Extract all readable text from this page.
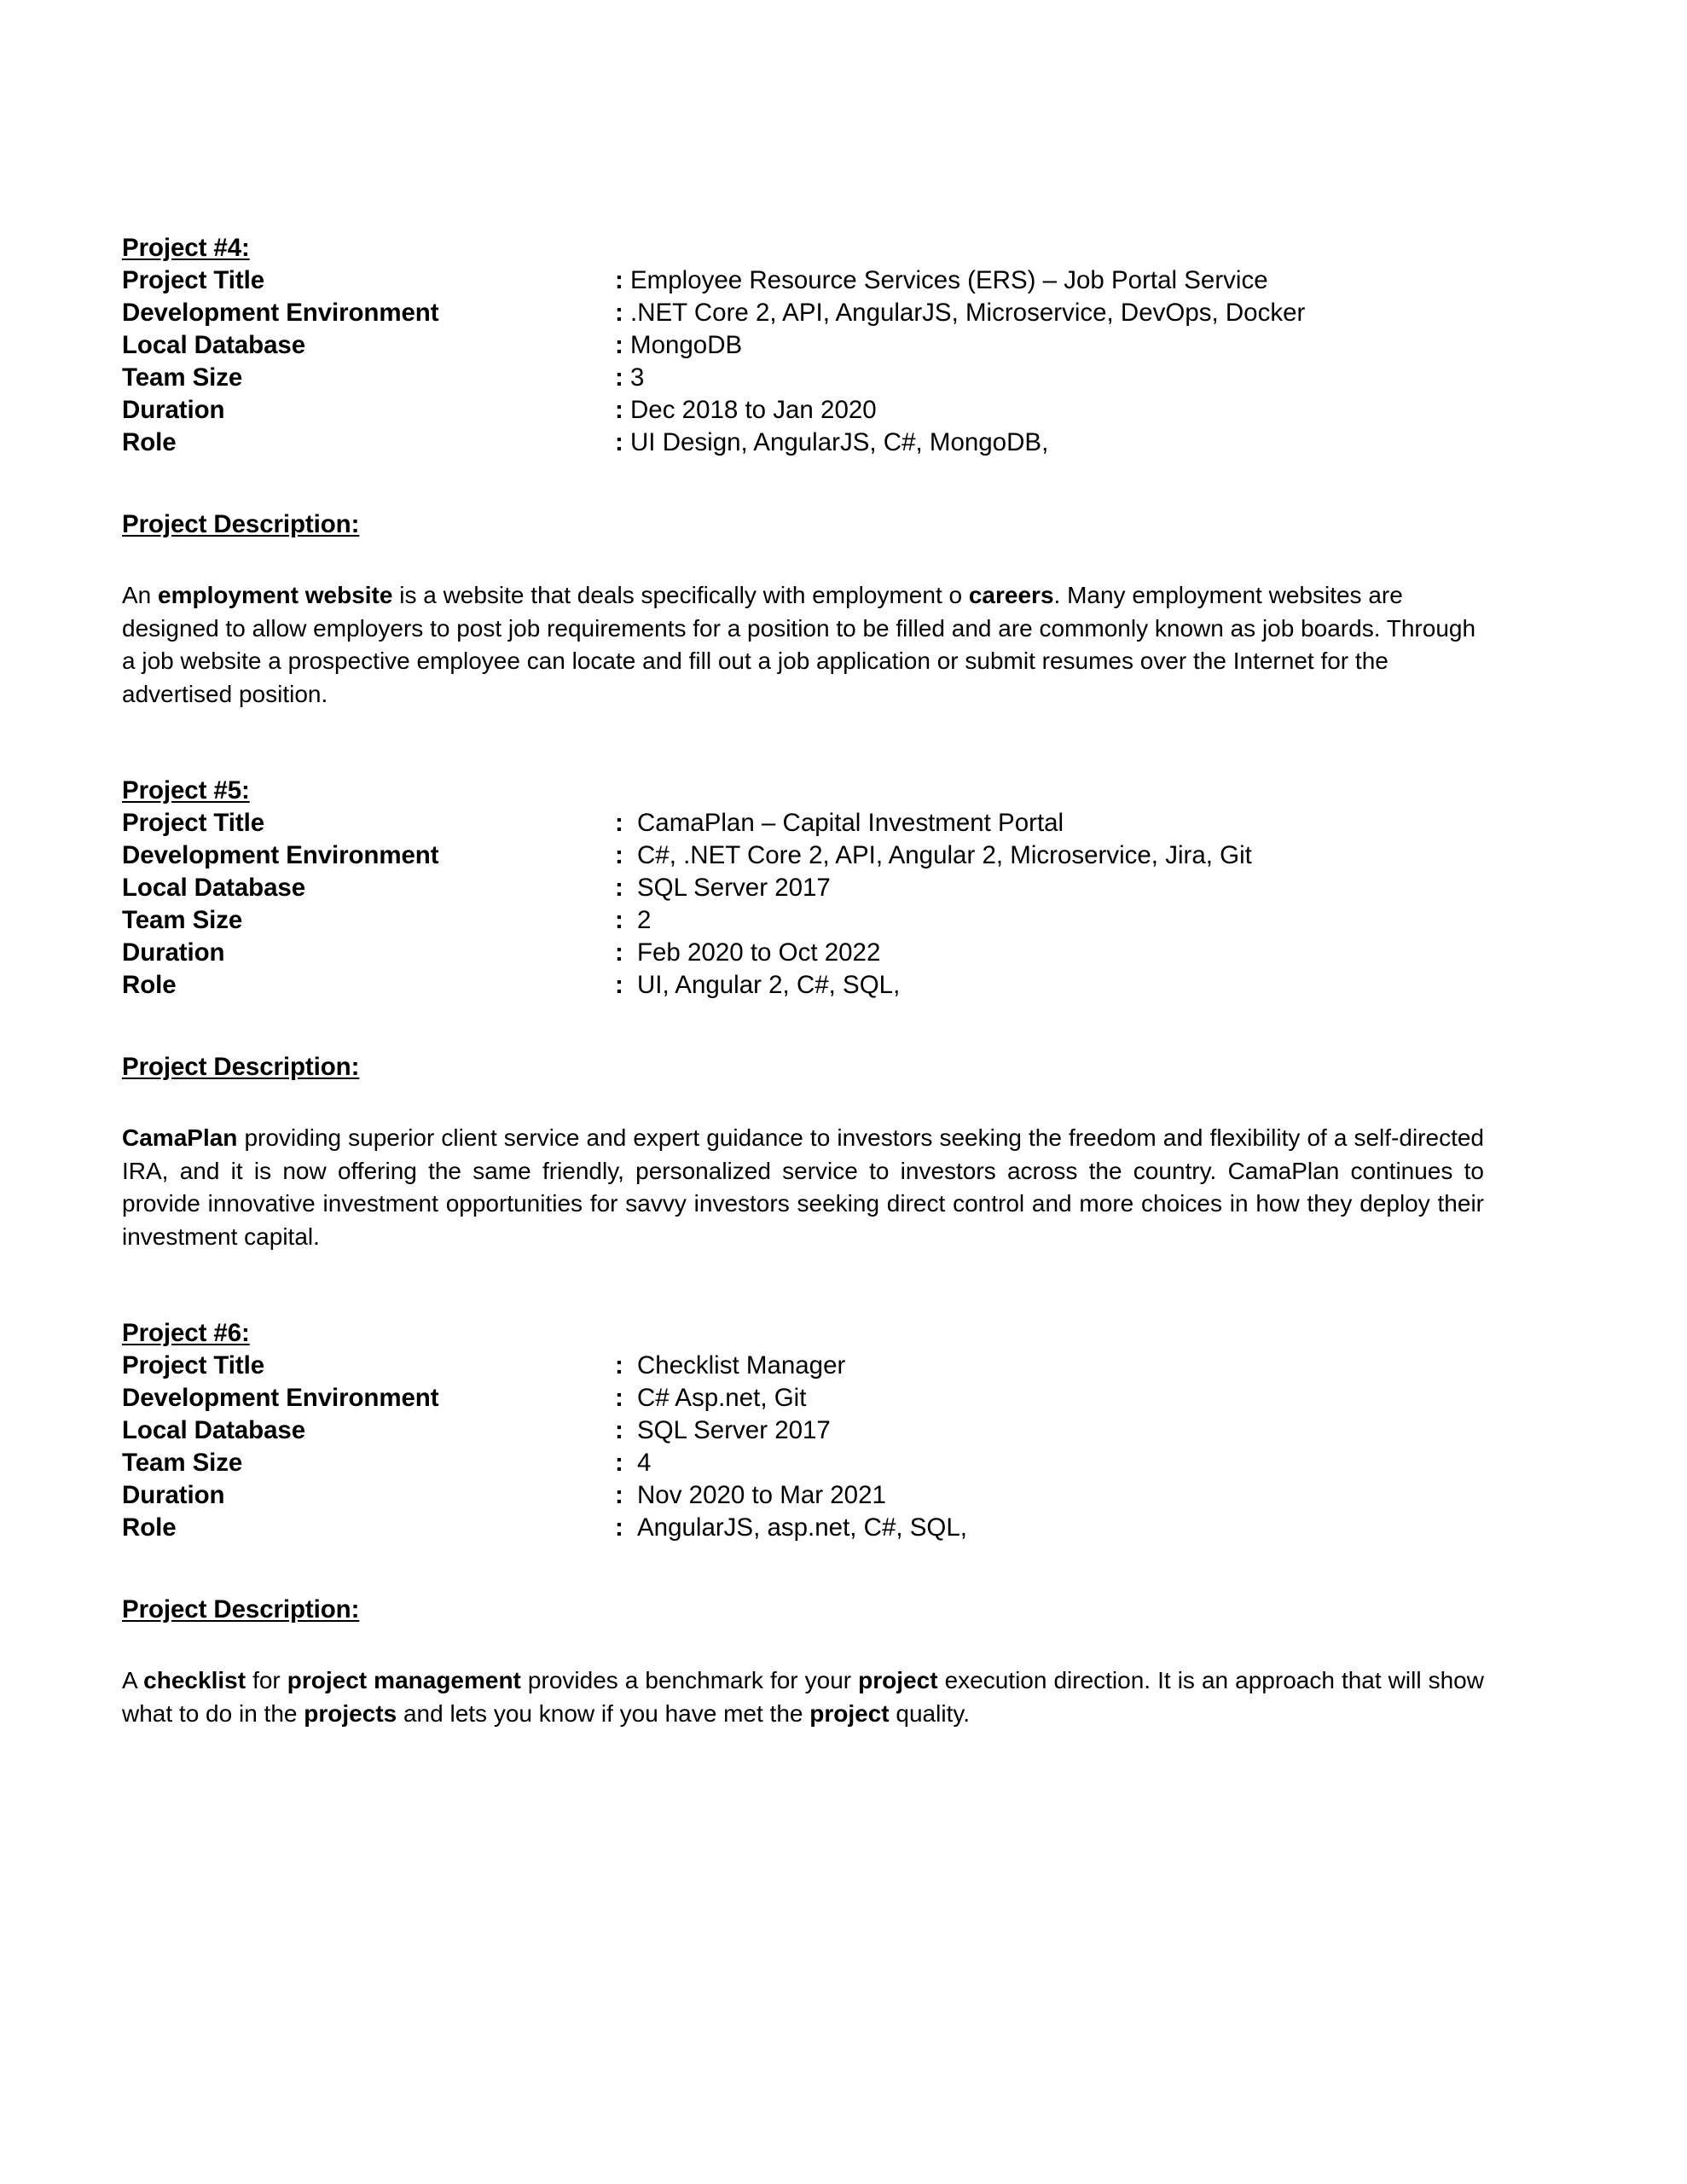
Project #4:
Project Title	:	Employee Resource Services (ERS) – Job Portal Service
Development Environment	:	.NET Core 2, API, AngularJS, Microservice, DevOps, Docker
Local Database	:	MongoDB
Team Size	:	3
Duration	:	Dec 2018 to Jan 2020
Role	:	UI Design, AngularJS, C#, MongoDB,
Project Description:

An employment website is a website that deals specifically with employment o careers. Many employment websites are designed to allow employers to post job requirements for a position to be filled and are commonly known as job boards. Through a job website a prospective employee can locate and fill out a job application or submit resumes over the Internet for the advertised position.

Project #5:
Project Title	:	CamaPlan – Capital Investment Portal
Development Environment	:	C#, .NET Core 2, API, Angular 2, Microservice, Jira, Git
Local Database	:	SQL Server 2017
Team Size	:	2
Duration	:	Feb 2020 to Oct 2022
Role	:	UI, Angular 2, C#, SQL,
Project Description:

CamaPlan providing superior client service and expert guidance to investors seeking the freedom and flexibility of a self-directed IRA, and it is now offering the same friendly, personalized service to investors across the country. CamaPlan continues to provide innovative investment opportunities for savvy investors seeking direct control and more choices in how they deploy their investment capital.

Project #6:
Project Title	:	Checklist Manager
Development Environment	:	C# Asp.net, Git
Local Database	:	SQL Server 2017
Team Size	:	4
Duration	:	Nov 2020 to Mar 2021
Role	:	AngularJS, asp.net, C#, SQL,
Project Description:

A checklist for project management provides a benchmark for your project execution direction. It is an approach that will show what to do in the projects and lets you know if you have met the project quality.
